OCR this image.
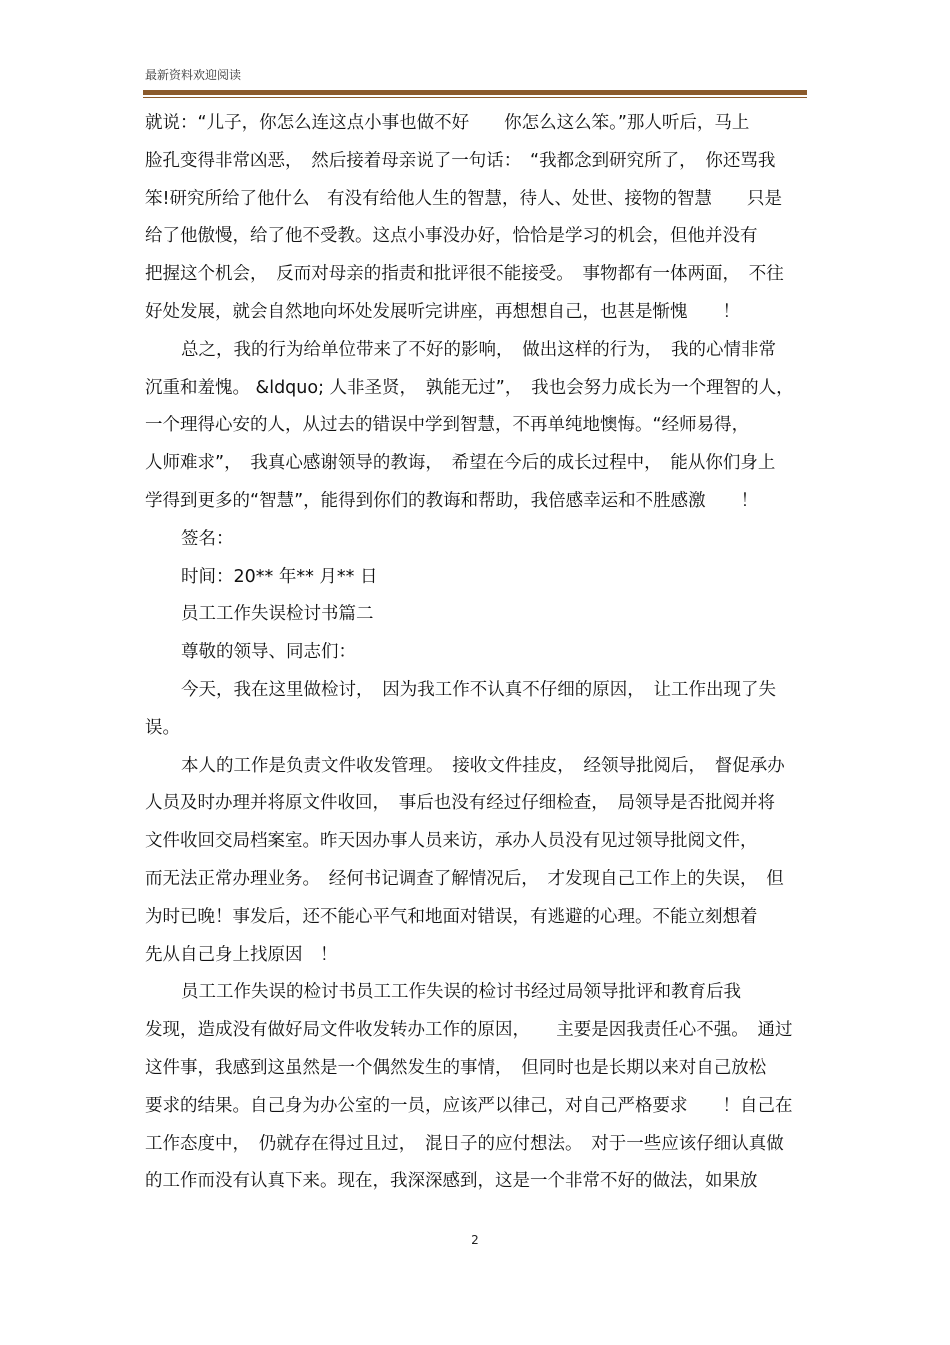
最新资料欢迎阅读
就说：“儿子，你怎么连这点小事也做不好　　你怎么这么笨。”那人听后，马上
脸孔变得非常凶恶，　然后接着母亲说了一句话：　“我都念到研究所了，　你还骂我
笨!研究所给了他什么　有没有给他人生的智慧，待人、处世、接物的智慧　　只是
给了他傲慢，给了他不受教。这点小事没办好，恰恰是学习的机会，但他并没有
把握这个机会，　反而对母亲的指责和批评很不能接受。　事物都有一体两面，　不往
好处发展，就会自然地向坏处发展听完讲座，再想想自己，也甚是惭愧　　！
总之，我的行为给单位带来了不好的影响，　做出这样的行为，　我的心情非常
沉重和羞愧。 &ldquo; 人非圣贤，　孰能无过”，　我也会努力成长为一个理智的人，
一个理得心安的人，从过去的错误中学到智慧，不再单纯地懊悔。“经师易得，
人师难求”，　我真心感谢领导的教诲，　希望在今后的成长过程中，　能从你们身上
学得到更多的“智慧”，能得到你们的教诲和帮助，我倍感幸运和不胜感激　　！
签名：
时间：20** 年** 月** 日
员工工作失误检讨书篇二
尊敬的领导、同志们：
今天，我在这里做检讨，　因为我工作不认真不仔细的原因，　让工作出现了失
误。
本人的工作是负责文件收发管理。　接收文件挂皮，　经领导批阅后，　督促承办
人员及时办理并将原文件收回，　事后也没有经过仔细检查，　局领导是否批阅并将
文件收回交局档案室。昨天因办事人员来访，承办人员没有见过领导批阅文件，
而无法正常办理业务。　经何书记调查了解情况后，　才发现自己工作上的失误，　但
为时已晚！事发后，还不能心平气和地面对错误，有逃避的心理。不能立刻想着
先从自己身上找原因　！
员工工作失误的检讨书员工工作失误的检讨书经过局领导批评和教育后我
发现，造成没有做好局文件收发转办工作的原因，　　主要是因我责任心不强。　通过
这件事，我感到这虽然是一个偶然发生的事情，　但同时也是长期以来对自己放松
要求的结果。自己身为办公室的一员，应该严以律己，对自己严格要求　　！自己在
工作态度中，　仍就存在得过且过，　混日子的应付想法。　对于一些应该仔细认真做
的工作而没有认真下来。现在，我深深感到，这是一个非常不好的做法，如果放
2
